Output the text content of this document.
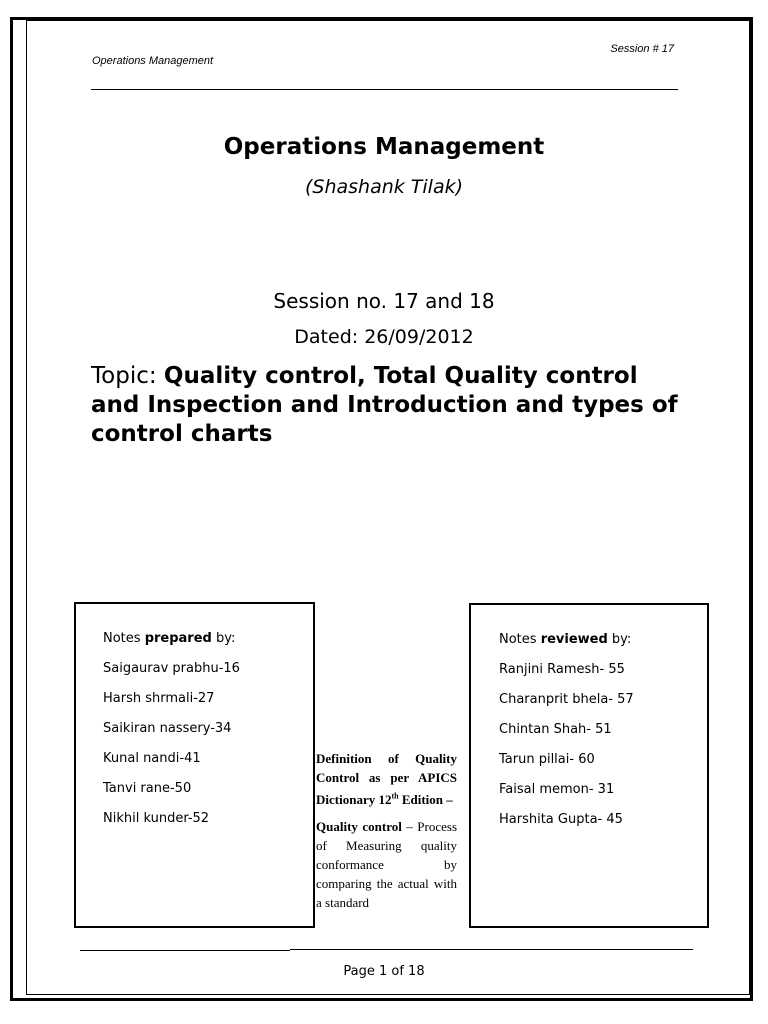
Operations Management
Session # 17
Operations Management
(Shashank Tilak)
Session no. 17 and 18
Dated: 26/09/2012
Topic: Quality control, Total Quality control and Inspection and Introduction and types of control charts
Notes prepared by:
Saigaurav prabhu-16
Harsh shrmali-27
Saikiran nassery-34
Kunal nandi-41
Tanvi rane-50
Nikhil kunder-52

Definition of Quality Control as per APICS Dictionary 12th Edition –

Quality control – Process of Measuring quality conformance by comparing the actual with a standard

Notes reviewed by:
Ranjini Ramesh- 55
Charanprit bhela- 57
Chintan Shah- 51
Tarun pillai- 60
Faisal memon- 31
Harshita Gupta- 45
Page 1 of 18
